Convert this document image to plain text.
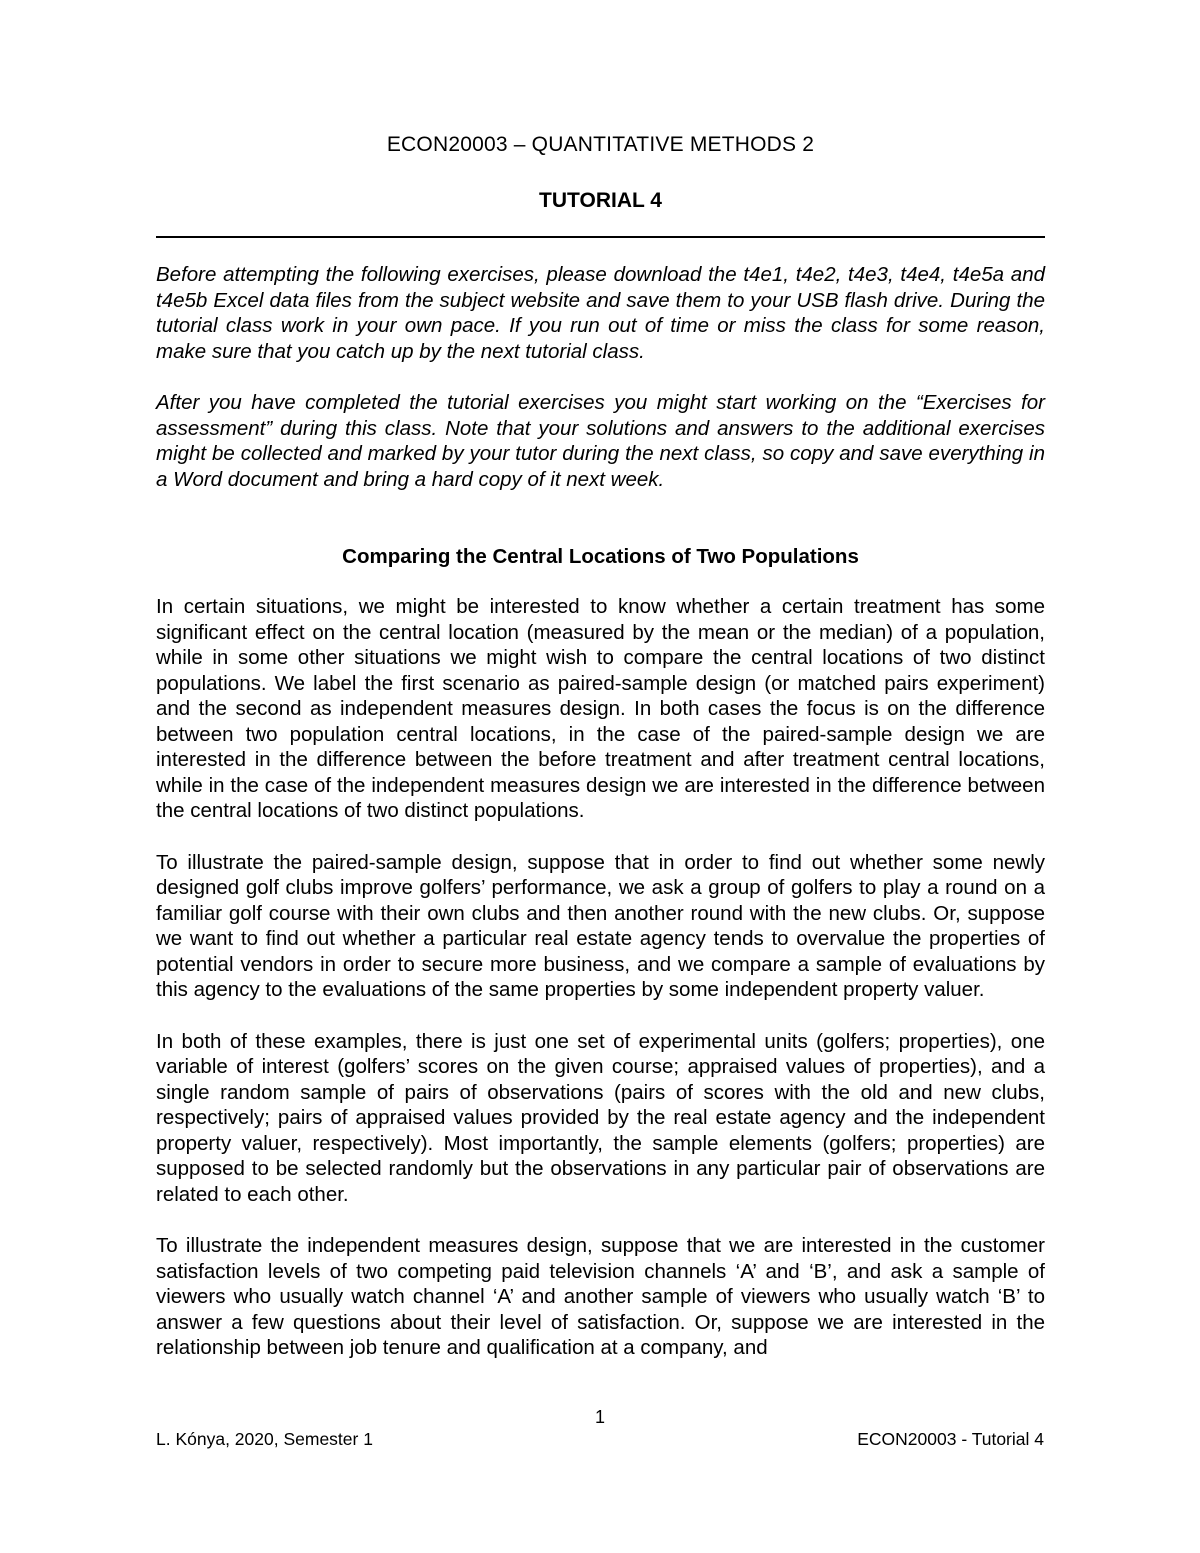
ECON20003 – QUANTITATIVE METHODS 2
TUTORIAL 4

Before attempting the following exercises, please download the t4e1, t4e2, t4e3, t4e4, t4e5a and t4e5b Excel data files from the subject website and save them to your USB flash drive. During the tutorial class work in your own pace. If you run out of time or miss the class for some reason, make sure that you catch up by the next tutorial class.

After you have completed the tutorial exercises you might start working on the “Exercises for assessment” during this class. Note that your solutions and answers to the additional exercises might be collected and marked by your tutor during the next class, so copy and save everything in a Word document and bring a hard copy of it next week.

Comparing the Central Locations of Two Populations

In certain situations, we might be interested to know whether a certain treatment has some significant effect on the central location (measured by the mean or the median) of a population, while in some other situations we might wish to compare the central locations of two distinct populations. We label the first scenario as paired-sample design (or matched pairs experiment) and the second as independent measures design. In both cases the focus is on the difference between two population central locations, in the case of the paired-sample design we are interested in the difference between the before treatment and after treatment central locations, while in the case of the independent measures design we are interested in the difference between the central locations of two distinct populations.

To illustrate the paired-sample design, suppose that in order to find out whether some newly designed golf clubs improve golfers’ performance, we ask a group of golfers to play a round on a familiar golf course with their own clubs and then another round with the new clubs. Or, suppose we want to find out whether a particular real estate agency tends to overvalue the properties of potential vendors in order to secure more business, and we compare a sample of evaluations by this agency to the evaluations of the same properties by some independent property valuer.

In both of these examples, there is just one set of experimental units (golfers; properties), one variable of interest (golfers’ scores on the given course; appraised values of properties), and a single random sample of pairs of observations (pairs of scores with the old and new clubs, respectively; pairs of appraised values provided by the real estate agency and the independent property valuer, respectively). Most importantly, the sample elements (golfers; properties) are supposed to be selected randomly but the observations in any particular pair of observations are related to each other.

To illustrate the independent measures design, suppose that we are interested in the customer satisfaction levels of two competing paid television channels ‘A’ and ‘B’, and ask a sample of viewers who usually watch channel ‘A’ and another sample of viewers who usually watch ‘B’ to answer a few questions about their level of satisfaction. Or, suppose we are interested in the relationship between job tenure and qualification at a company, and

1
L. Kónya, 2020, Semester 1	ECON20003 - Tutorial 4
